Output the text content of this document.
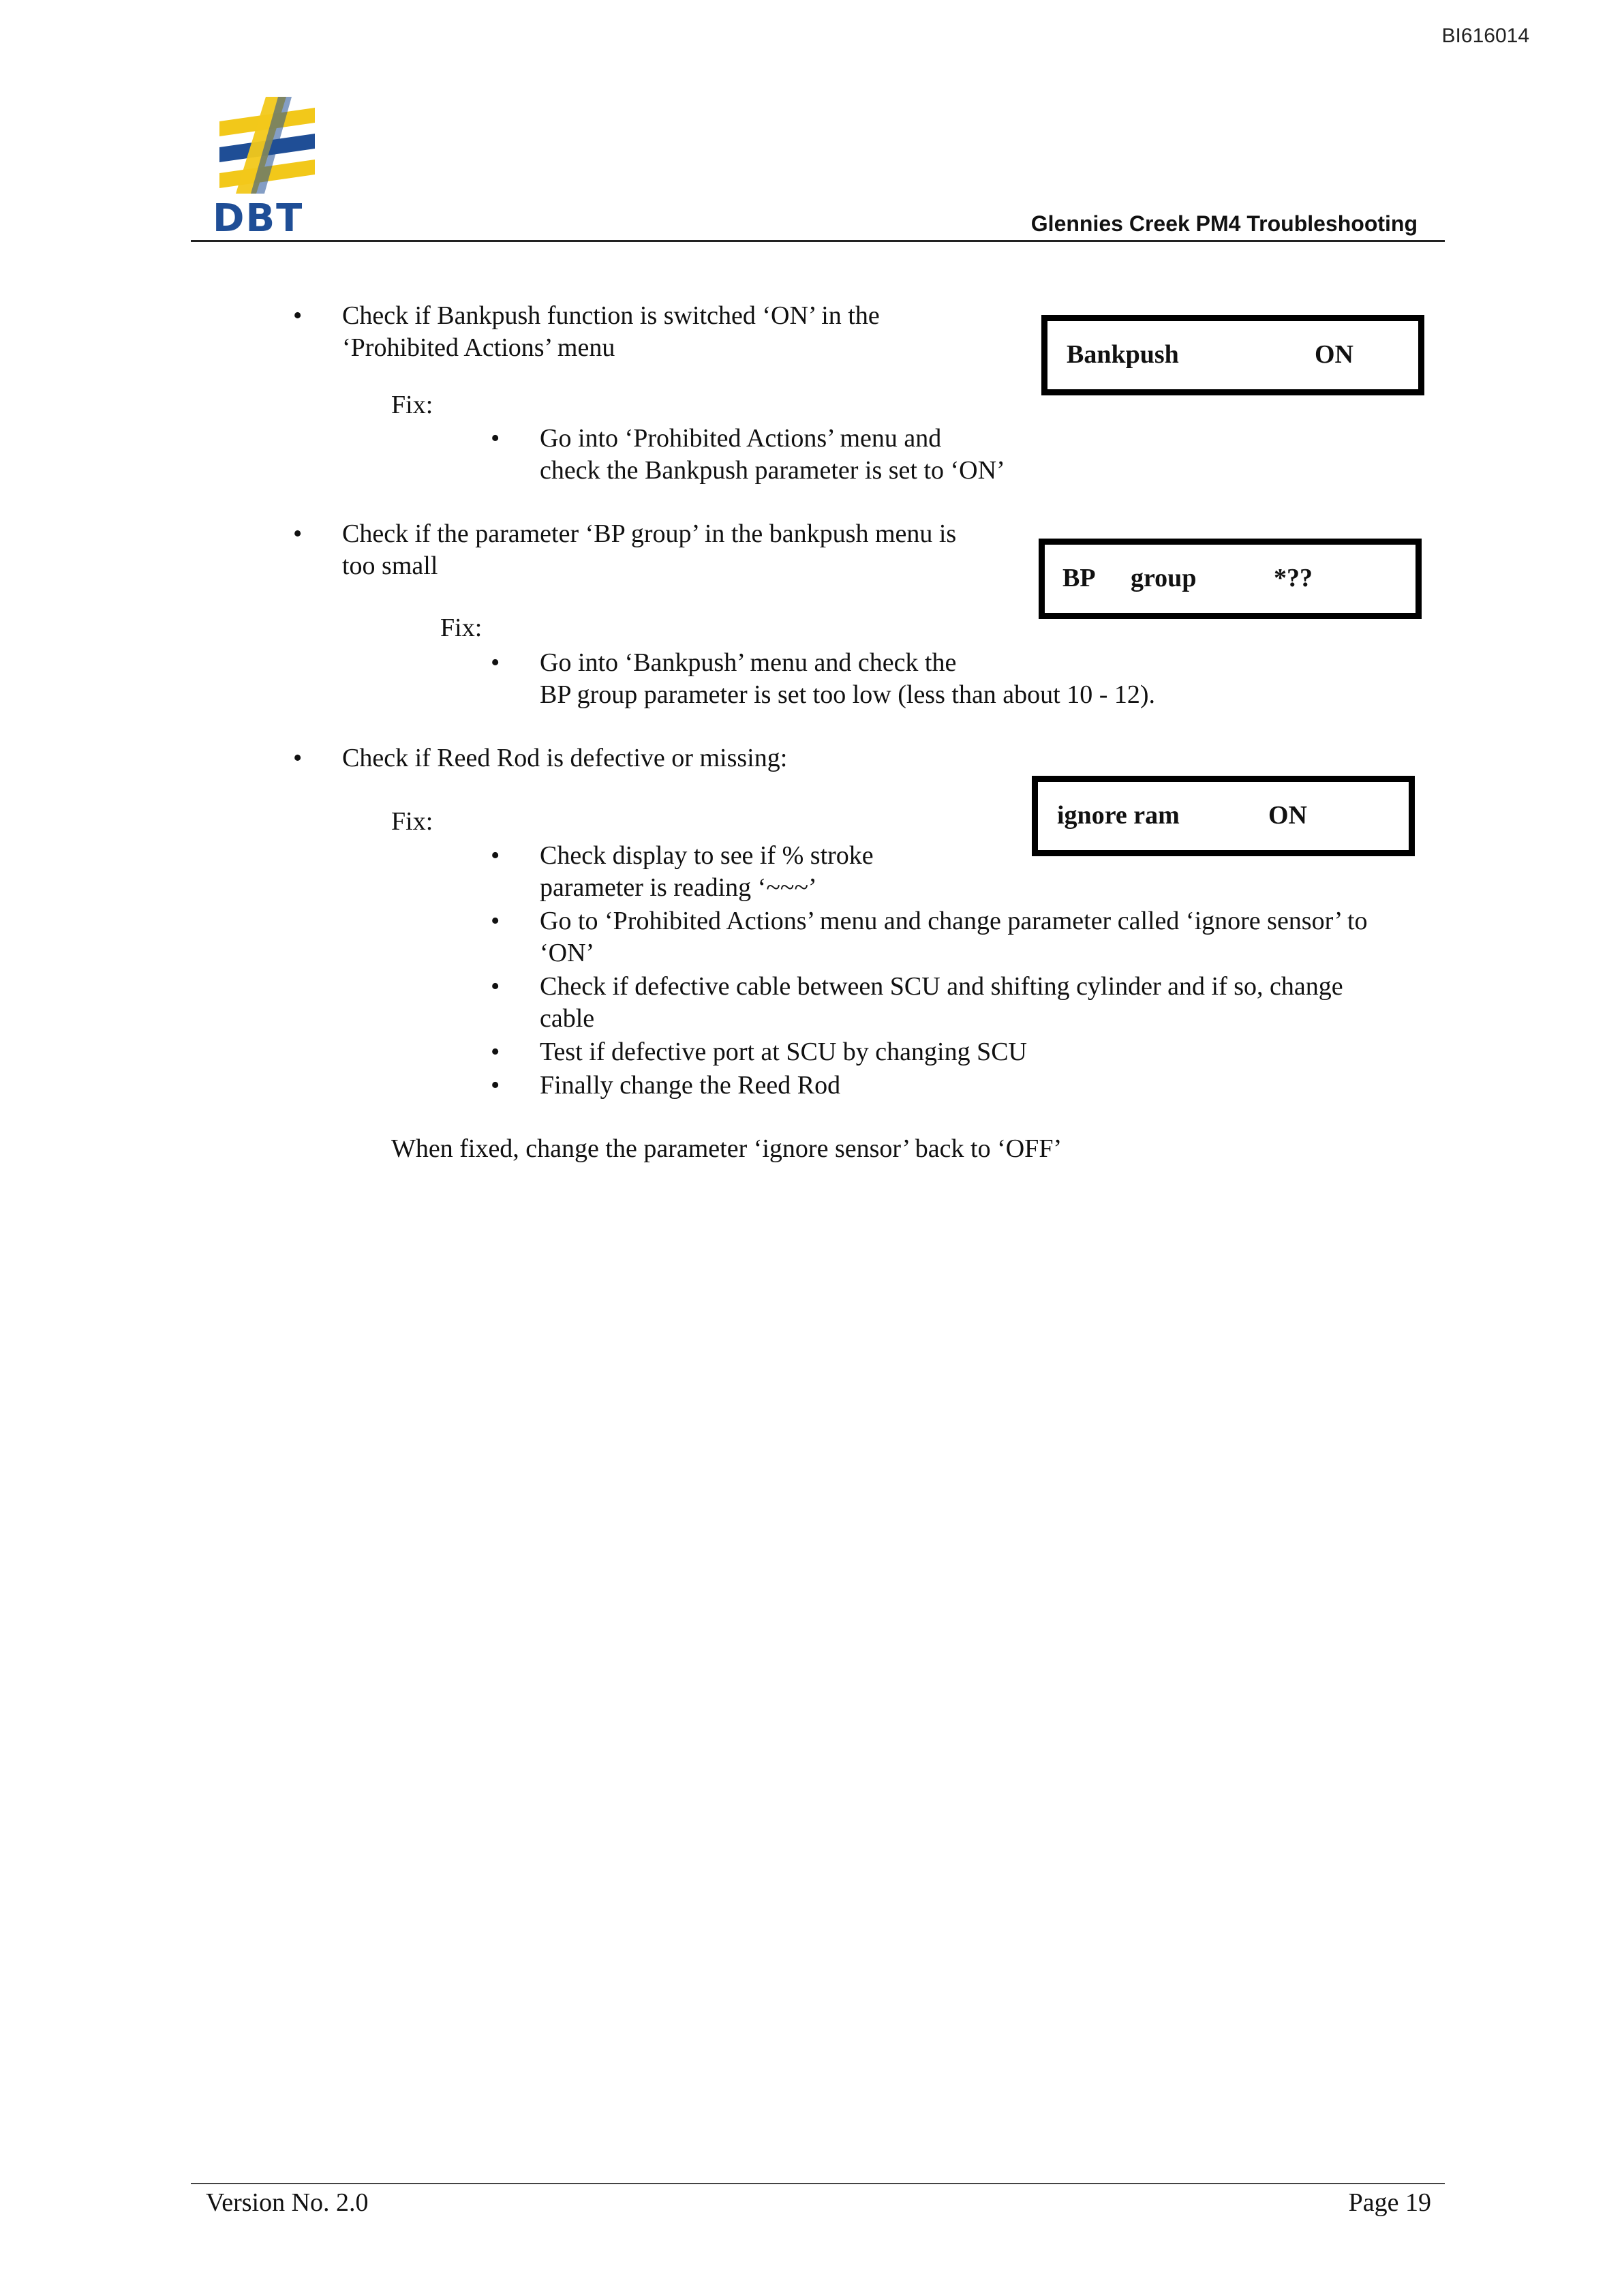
BI616014
DBT	Glennies Creek PM4 Troubleshooting
• Check if Bankpush function is switched ‘ON’ in the
‘Prohibited Actions’ menu	Bankpush	ON
Fix:
• Go into ‘Prohibited Actions’ menu and
check the Bankpush parameter is set to ‘ON’
• Check if the parameter ‘BP group’ in the bankpush menu is
too small	BP group	*??
Fix:
• Go into ‘Bankpush’ menu and check the
BP group parameter is set too low (less than about 10 - 12).
• Check if Reed Rod is defective or missing:
ignore ram	ON
Fix:
• Check display to see if % stroke
parameter is reading ‘~~~’
• Go to ‘Prohibited Actions’ menu and change parameter called ‘ignore sensor’ to
‘ON’
• Check if defective cable between SCU and shifting cylinder and if so, change
cable
• Test if defective port at SCU by changing SCU
• Finally change the Reed Rod
When fixed, change the parameter ‘ignore sensor’ back to ‘OFF’
Version No. 2.0	Page 19
